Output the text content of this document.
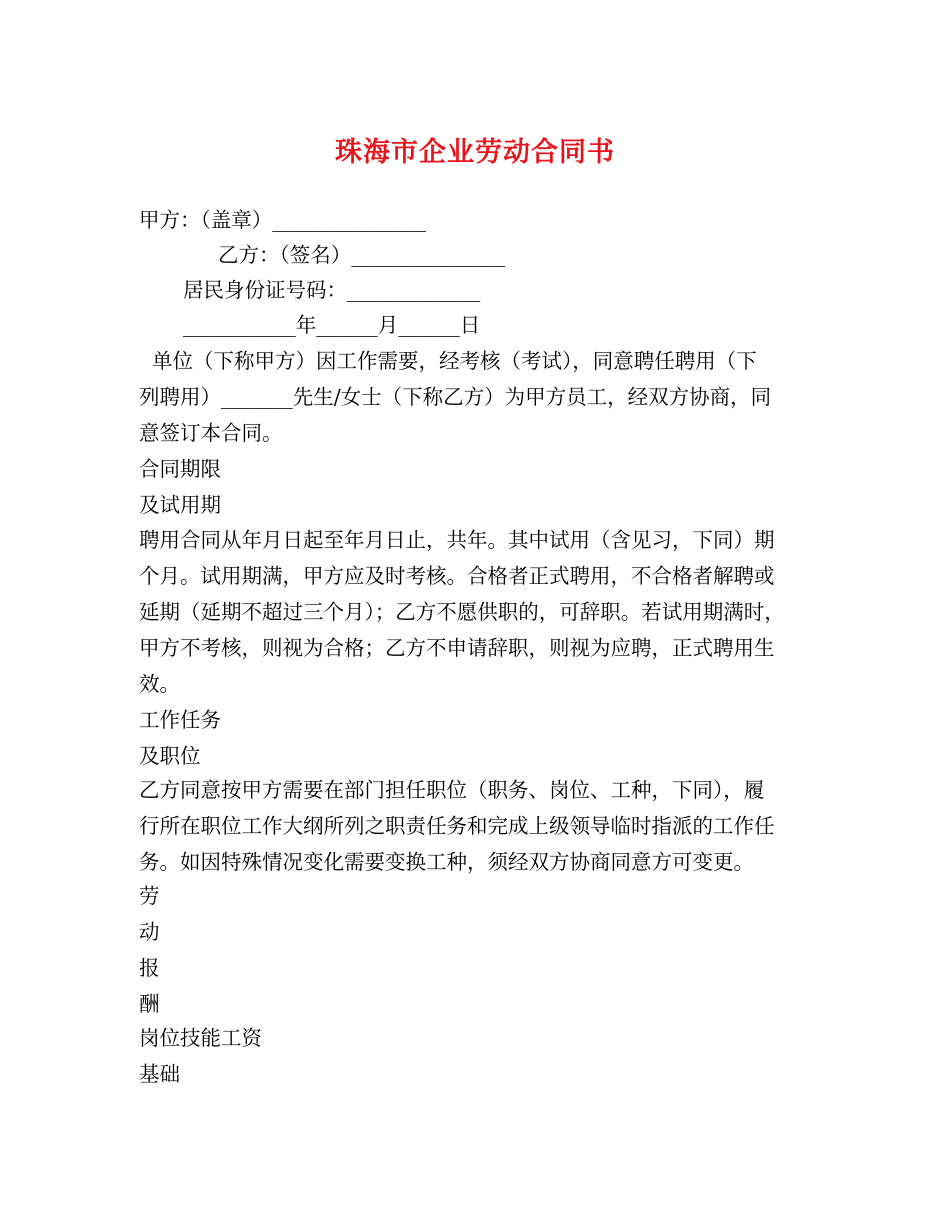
珠海市企业劳动合同书
甲方：（盖章）_______________
乙方：（签名）_______________
居民身份证号码：_____________
___________年______月______日
单位（下称甲方）因工作需要，经考核（考试），同意聘任聘用（下
列聘用）_______先生/女士（下称乙方）为甲方员工，经双方协商，同
意签订本合同。
合同期限
及试用期
聘用合同从年月日起至年月日止，共年。其中试用（含见习，下同）期
个月。试用期满，甲方应及时考核。合格者正式聘用，不合格者解聘或
延期（延期不超过三个月）；乙方不愿供职的，可辞职。若试用期满时，
甲方不考核，则视为合格；乙方不申请辞职，则视为应聘，正式聘用生
效。
工作任务
及职位
乙方同意按甲方需要在部门担任职位（职务、岗位、工种，下同），履
行所在职位工作大纲所列之职责任务和完成上级领导临时指派的工作任
务。如因特殊情况变化需要变换工种，须经双方协商同意方可变更。
劳
动
报
酬
岗位技能工资
基础
